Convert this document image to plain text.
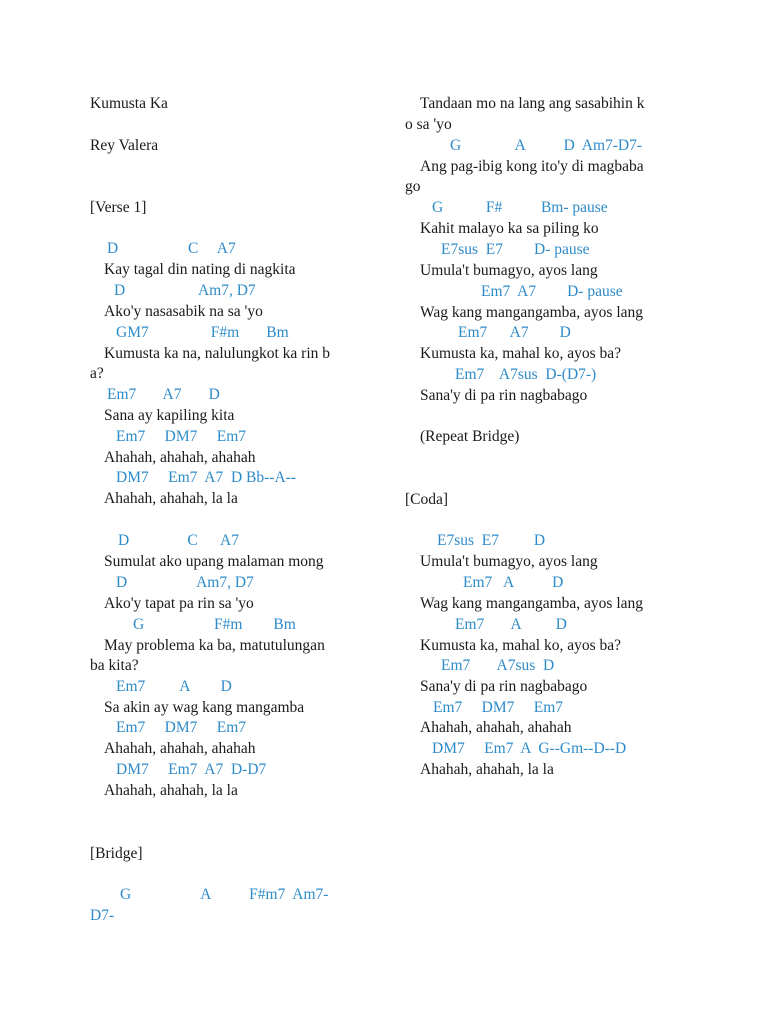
Kumusta Ka
Rey Valera
[Verse 1]
D                  C     A7
Kay tagal din nating di nagkita
D                   Am7, D7
Ako'y nasasabik na sa 'yo
GM7                F#m       Bm
Kumusta ka na, nalulungkot ka rin b
a?
Em7       A7       D
Sana ay kapiling kita
Em7     DM7     Em7
Ahahah, ahahah, ahahah
DM7     Em7  A7  D Bb--A--
Ahahah, ahahah, la la
D               C      A7
Sumulat ako upang malaman mong
D                  Am7, D7
Ako'y tapat pa rin sa 'yo
G                  F#m        Bm
May problema ka ba, matutulungan
ba kita?
Em7         A        D
Sa akin ay wag kang mangamba
Em7     DM7     Em7
Ahahah, ahahah, ahahah
DM7     Em7  A7  D-D7
Ahahah, ahahah, la la
[Bridge]
G                  A          F#m7  Am7-
D7-
Tandaan mo na lang ang sasabihin k
o sa 'yo
G              A          D  Am7-D7-
Ang pag-ibig kong ito'y di magbaba
go
G           F#          Bm- pause
Kahit malayo ka sa piling ko
E7sus  E7        D- pause
Umula't bumagyo, ayos lang
Em7  A7        D- pause
Wag kang mangangamba, ayos lang
Em7      A7        D
Kumusta ka, mahal ko, ayos ba?
Em7    A7sus  D-(D7-)
Sana'y di pa rin nagbabago
(Repeat Bridge)
[Coda]
E7sus  E7         D
Umula't bumagyo, ayos lang
Em7   A          D
Wag kang mangangamba, ayos lang
Em7       A         D
Kumusta ka, mahal ko, ayos ba?
Em7       A7sus  D
Sana'y di pa rin nagbabago
Em7     DM7     Em7
Ahahah, ahahah, ahahah
DM7     Em7  A  G--Gm--D--D
Ahahah, ahahah, la la
